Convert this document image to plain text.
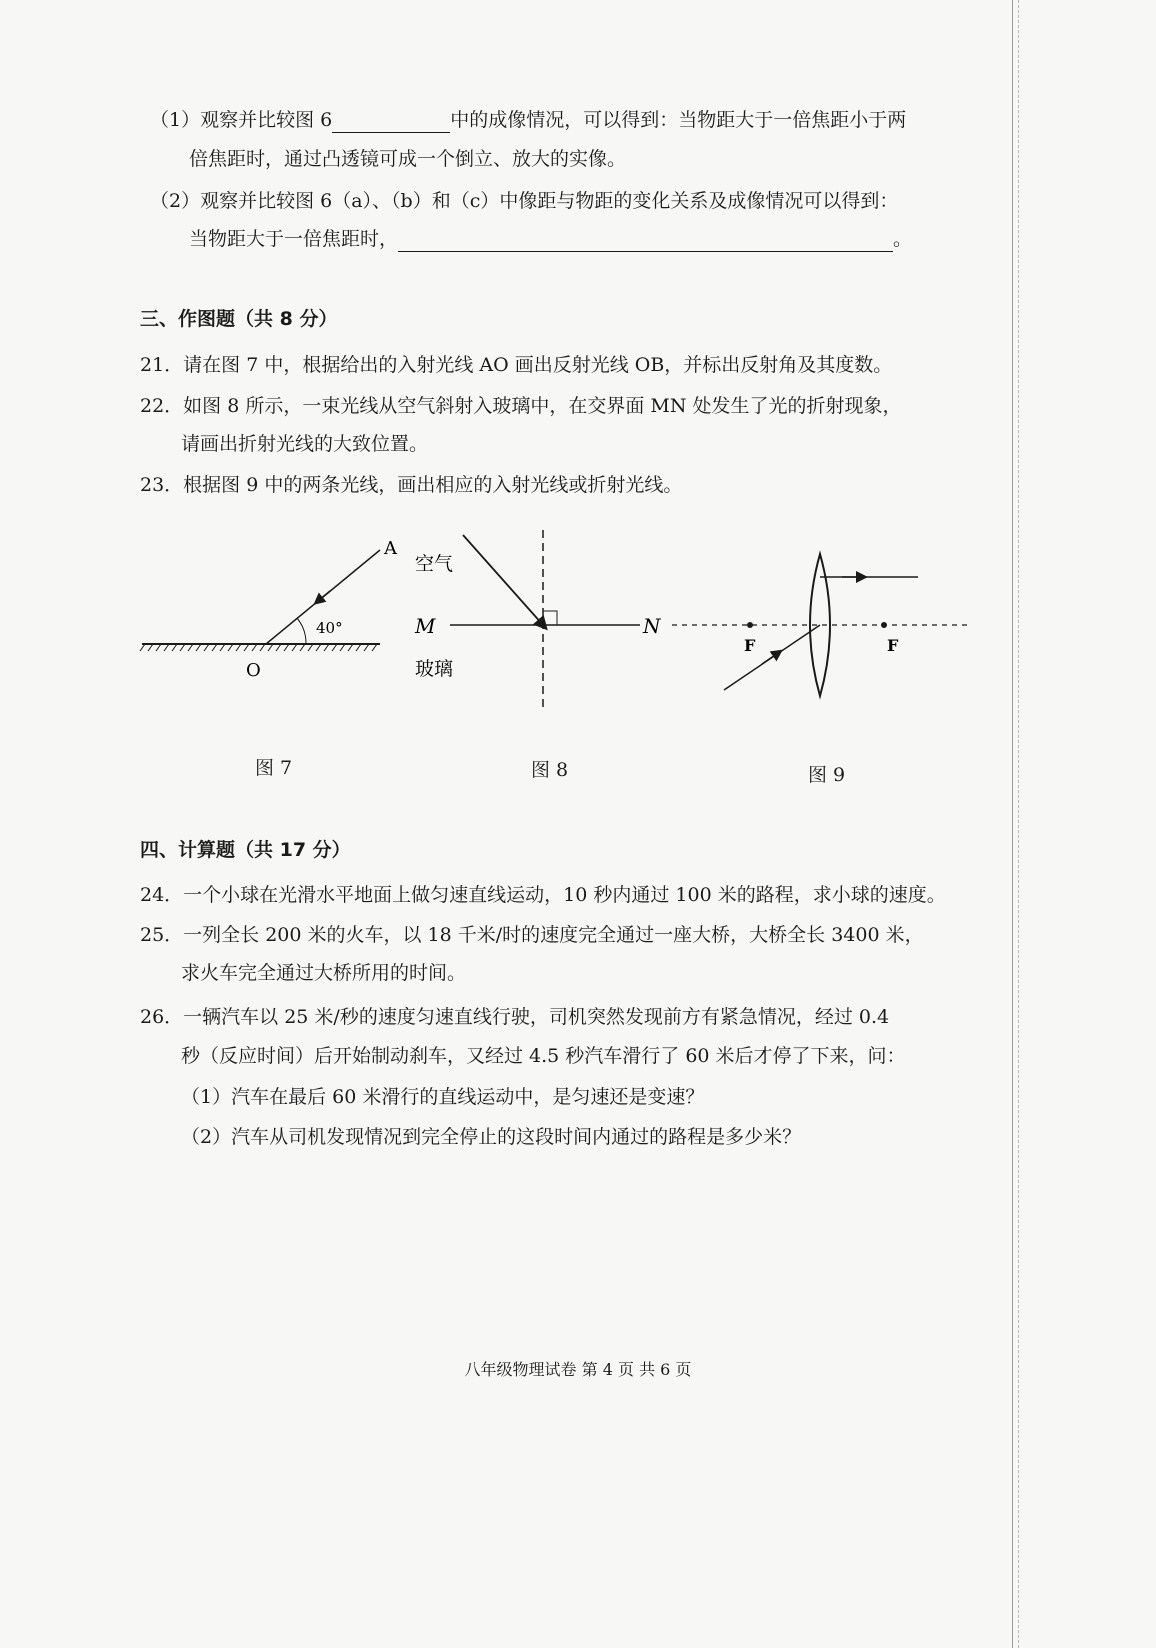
（1）观察并比较图 6	中的成像情况，可以得到：当物距大于一倍焦距小于两
倍焦距时，通过凸透镜可成一个倒立、放大的实像。
（2）观察并比较图 6（a）、（b）和（c）中像距与物距的变化关系及成像情况可以得到：
当物距大于一倍焦距时，	。
三、作图题（共 8 分）
21．请在图 7 中，根据给出的入射光线 AO 画出反射光线 OB，并标出反射角及其度数。
22．如图 8 所示，一束光线从空气斜射入玻璃中，在交界面 MN 处发生了光的折射现象，
请画出折射光线的大致位置。
23．根据图 9 中的两条光线，画出相应的入射光线或折射光线。
A
O
40°
图 7
空气
M	N
玻璃
图 8
F	F
图 9
四、计算题（共 17 分）
24．一个小球在光滑水平地面上做匀速直线运动，10 秒内通过 100 米的路程，求小球的速度。
25．一列全长 200 米的火车，以 18 千米/时的速度完全通过一座大桥，大桥全长 3400 米，
求火车完全通过大桥所用的时间。
26．一辆汽车以 25 米/秒的速度匀速直线行驶，司机突然发现前方有紧急情况，经过 0.4
秒（反应时间）后开始制动刹车，又经过 4.5 秒汽车滑行了 60 米后才停了下来，问：
（1）汽车在最后 60 米滑行的直线运动中，是匀速还是变速？
（2）汽车从司机发现情况到完全停止的这段时间内通过的路程是多少米？
八年级物理试卷 第 4 页 共 6 页
